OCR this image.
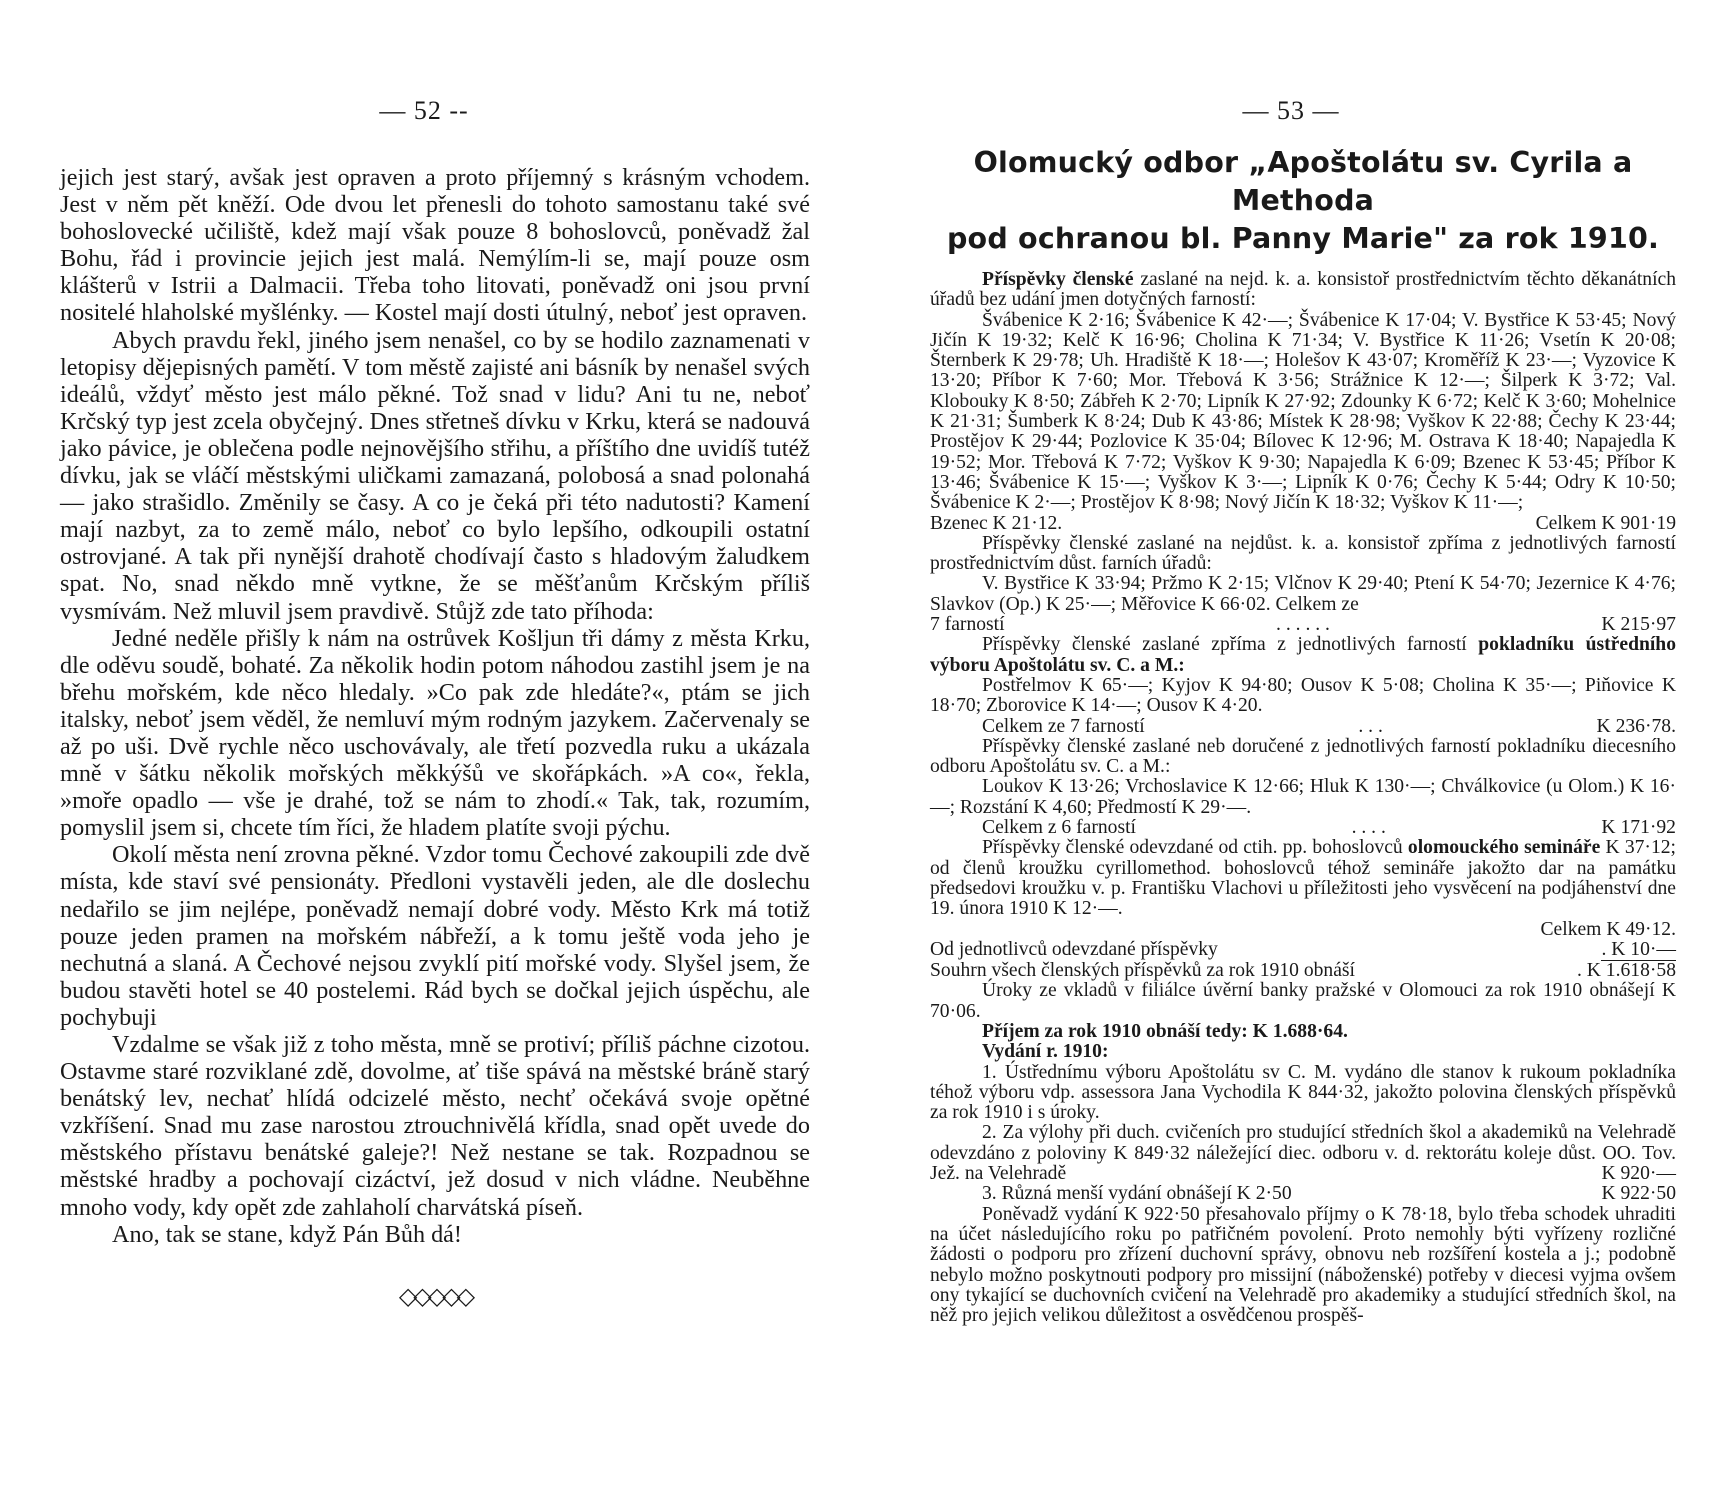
— 52 --

jejich jest starý, avšak jest opraven a proto příjemný s krásným vchodem. Jest v něm pět kněží. Ode dvou let přenesli do tohoto samostanu také své bohoslovecké učiliště, kdež mají však pouze 8 bohoslovců, poněvadž žal Bohu, řád i provincie jejich jest malá. Nemýlím-li se, mají pouze osm klášterů v Istrii a Dalmacii. Třeba toho litovati, poněvadž oni jsou první nositelé hlaholské myšlénky. — Kostel mají dosti útulný, neboť jest opraven.

Abych pravdu řekl, jiného jsem nenašel, co by se hodilo zaznamenati v letopisy dějepisných pamětí. V tom městě zajisté ani básník by nenašel svých ideálů, vždyť město jest málo pěkné. Tož snad v lidu? Ani tu ne, neboť Krčský typ jest zcela obyčejný. Dnes střetneš dívku v Krku, která se nadouvá jako pávice, je oblečena podle nejnovějšího střihu, a příštího dne uvidíš tutéž dívku, jak se vláčí městskými uličkami zamazaná, polobosá a snad polonahá — jako strašidlo. Změnily se časy. A co je čeká při této nadutosti? Kamení mají nazbyt, za to země málo, neboť co bylo lepšího, odkoupili ostatní ostrovjané. A tak při nynější drahotě chodívají často s hladovým žaludkem spat. No, snad někdo mně vytkne, že se měšťanům Krčským příliš vysmívám. Než mluvil jsem pravdivě. Stůjž zde tato příhoda:

Jedné neděle přišly k nám na ostrůvek Košljun tři dámy z města Krku, dle oděvu soudě, bohaté. Za několik hodin potom náhodou zastihl jsem je na břehu mořském, kde něco hledaly. »Co pak zde hledáte?«, ptám se jich italsky, neboť jsem věděl, že nemluví mým rodným jazykem. Začervenaly se až po uši. Dvě rychle něco uschovávaly, ale třetí pozvedla ruku a ukázala mně v šátku několik mořských měkkýšů ve skořápkách. »A co«, řekla, »moře opadlo — vše je drahé, tož se nám to zhodí.« Tak, tak, rozumím, pomyslil jsem si, chcete tím říci, že hladem platíte svoji pýchu.

Okolí města není zrovna pěkné. Vzdor tomu Čechové zakoupili zde dvě místa, kde staví své pensionáty. Předloni vystavěli jeden, ale dle doslechu nedařilo se jim nejlépe, poněvadž nemají dobré vody. Město Krk má totiž pouze jeden pramen na mořském nábřeží, a k tomu ještě voda jeho je nechutná a slaná. A Čechové nejsou zvyklí pití mořské vody. Slyšel jsem, že budou stavěti hotel se 40 postelemi. Rád bych se dočkal jejich úspěchu, ale pochybuji

Vzdalme se však již z toho města, mně se protiví; příliš páchne cizotou. Ostavme staré rozviklané zdě, dovolme, ať tiše spává na městské bráně starý benátský lev, nechať hlídá odcizelé město, nechť očekává svoje opětné vzkříšení. Snad mu zase narostou ztrouchnivělá křídla, snad opět uvede do městského přístavu benátské galeje?! Než nestane se tak. Rozpadnou se městské hradby a pochovají cizáctví, jež dosud v nich vládne. Neuběhne mnoho vody, kdy opět zde zahlaholí charvátská píseň.

Ano, tak se stane, když Pán Bůh dá!

◇◇◇◇◇
— 53 —
Olomucký odbor „Apoštolátu sv. Cyrila a Methoda
pod ochranou bl. Panny Marie" za rok 1910.

Příspěvky členské zaslané na nejd. k. a. konsistoř prostřednictvím těchto děkanátních úřadů bez udání jmen dotyčných farností:

Švábenice K 2·16; Švábenice K 42·—; Švábenice K 17·04; V. Bystřice K 53·45; Nový Jičín K 19·32; Kelč K 16·96; Cholina K 71·34; V. Bystřice K 11·26; Vsetín K 20·08; Šternberk K 29·78; Uh. Hradiště K 18·—; Holešov K 43·07; Kroměříž K 23·—; Vyzovice K 13·20; Příbor K 7·60; Mor. Třebová K 3·56; Strážnice K 12·—; Šilperk K 3·72; Val. Klobouky K 8·50; Zábřeh K 2·70; Lipník K 27·92; Zdounky K 6·72; Kelč K 3·60; Mohelnice K 21·31; Šumberk K 8·24; Dub K 43·86; Místek K 28·98; Vyškov K 22·88; Čechy K 23·44; Prostějov K 29·44; Pozlovice K 35·04; Bílovec K 12·96; M. Ostrava K 18·40; Napajedla K 19·52; Mor. Třebová K 7·72; Vyškov K 9·30; Napajedla K 6·09; Bzenec K 53·45; Příbor K 13·46; Švábenice K 15·—; Vyškov K 3·—; Lipník K 0·76; Čechy K 5·44; Odry K 10·50; Švábenice K 2·—; Prostějov K 8·98; Nový Jičín K 18·32; Vyškov K 11·—;

Bzenec K 21·12.	Celkem K 901·19

Příspěvky členské zaslané na nejdůst. k. a. konsistoř zpříma z jednotlivých farností prostřednictvím důst. farních úřadů:

V. Bystřice K 33·94; Pržmo K 2·15; Vlčnov K 29·40; Ptení K 54·70; Jezernice K 4·76; Slavkov (Op.) K 25·—; Měřovice K 66·02. Celkem ze

7 farností	. . . . . .	K 215·97

Příspěvky členské zaslané zpříma z jednotlivých farností pokladníku ústředního výboru Apoštolátu sv. C. a M.:

Postřelmov K 65·—; Kyjov K 94·80; Ousov K 5·08; Cholina K 35·—; Piňovice K 18·70; Zborovice K 14·—; Ousov K 4·20.

Celkem ze 7 farností	. . .	K 236·78.

Příspěvky členské zaslané neb doručené z jednotlivých farností pokladníku diecesního odboru Apoštolátu sv. C. a M.:

Loukov K 13·26; Vrchoslavice K 12·66; Hluk K 130·—; Chválkovice (u Olom.) K 16·—; Rozstání K 4,60; Předmostí K 29·—.

Celkem z 6 farností	. . . .	K 171·92

Příspěvky členské odevzdané od ctih. pp. bohoslovců olomouckého semináře K 37·12; od členů kroužku cyrillomethod. bohoslovců téhož semináře jakožto dar na památku předsedovi kroužku v. p. Františku Vlachovi u příležitosti jeho vysvěcení na podjáhenství dne 19. února 1910 K 12·—.

Celkem K 49·12.
Od jednotlivců odevzdané příspěvky	. K 10·—
Souhrn všech členských příspěvků za rok 1910 obnáší	. K 1.618·58

Úroky ze vkladů v filiálce úvěrní banky pražské v Olomouci za rok 1910 obnášejí K 70·06.

Příjem za rok 1910 obnáší tedy: K 1.688·64.

Vydání r. 1910:

1. Ústřednímu výboru Apoštolátu sv C. M. vydáno dle stanov k rukoum pokladníka téhož výboru vdp. assessora Jana Vychodila K 844·32, jakožto polovina členských příspěvků za rok 1910 i s úroky.

2. Za výlohy při duch. cvičeních pro studující středních škol a akademiků na Velehradě odevzdáno z poloviny K 849·32 náležející diec. odboru v. d. rektorátu koleje důst. OO. Tov. Jež. na Velehradě	K 920·—

3. Různá menší vydání obnášejí K 2·50	K 922·50

Poněvadž vydání K 922·50 přesahovalo příjmy o K 78·18, bylo třeba schodek uhraditi na účet následujícího roku po patřičném povolení. Proto nemohly býti vyřízeny rozličné žádosti o podporu pro zřízení duchovní správy, obnovu neb rozšíření kostela a j.; podobně nebylo možno poskytnouti podpory pro missijní (náboženské) potřeby v diecesi vyjma ovšem ony tykající se duchovních cvičení na Velehradě pro akademiky a studující středních škol, na něž pro jejich velikou důležitost a osvědčenou prospěš-
